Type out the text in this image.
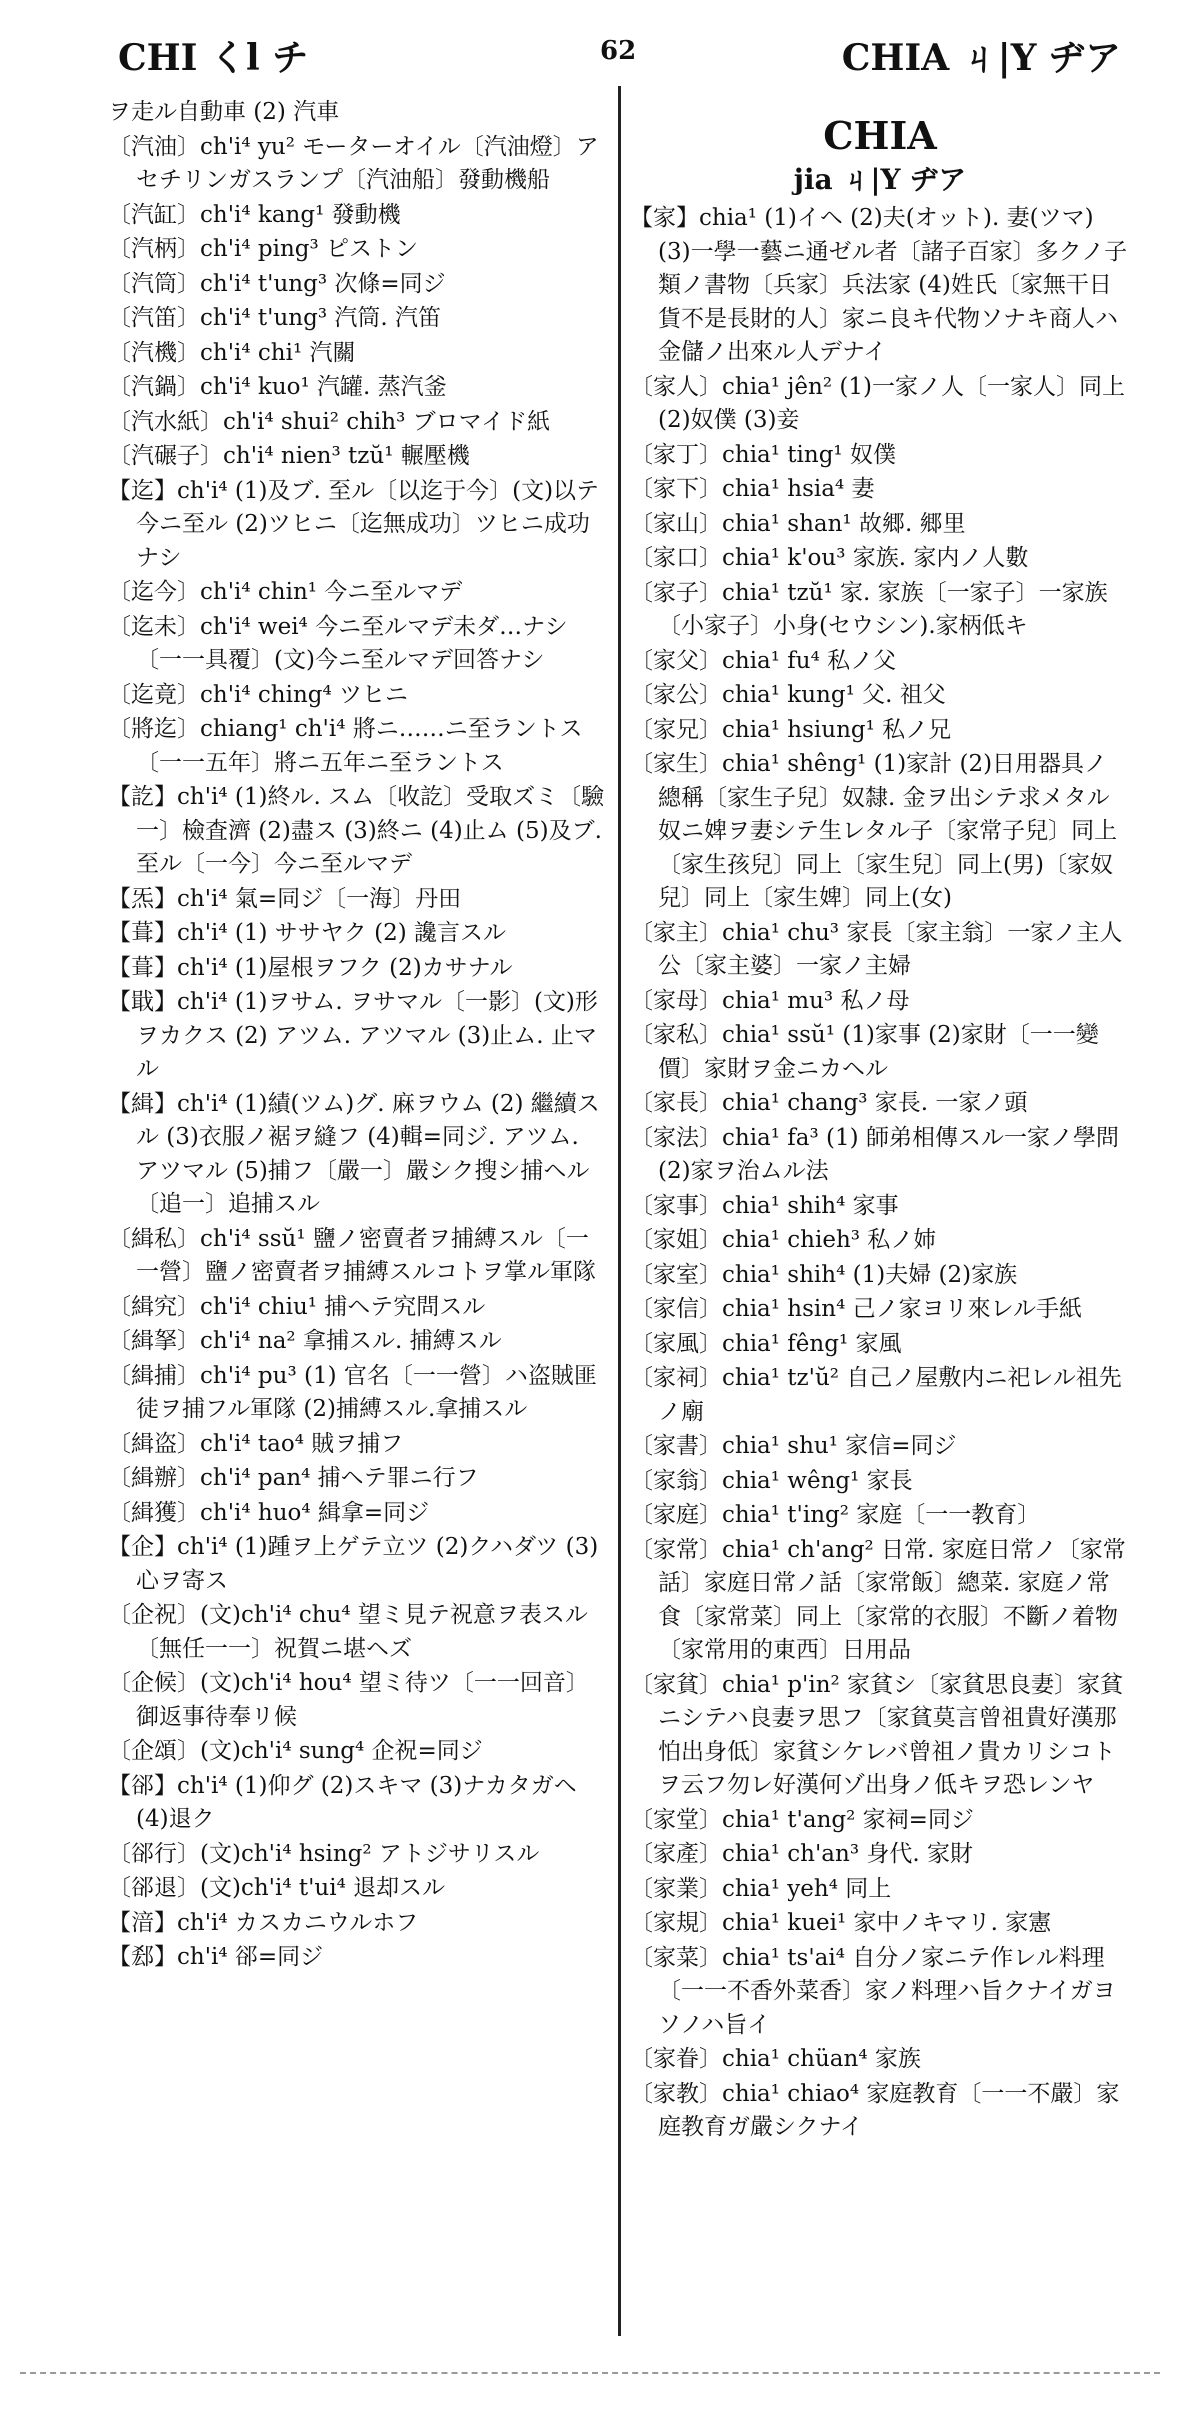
CHI くl チ	62	CHIA ㄐ|Y ヂア
ヲ走ル自動車 (2) 汽車
〔汽油〕ch'i⁴ yu² モーターオイル〔汽油燈〕アセチリンガスランプ〔汽油船〕發動機船
〔汽缸〕ch'i⁴ kang¹ 發動機
〔汽柄〕ch'i⁴ ping³ ピストン
〔汽筒〕ch'i⁴ t'ung³ 次條=同ジ
〔汽笛〕ch'i⁴ t'ung³ 汽筒. 汽笛
〔汽機〕ch'i⁴ chi¹ 汽關
〔汽鍋〕ch'i⁴ kuo¹ 汽罐. 蒸汽釜
〔汽水紙〕ch'i⁴ shui² chih³ ブロマイド紙
〔汽碾子〕ch'i⁴ nien³ tzŭ¹ 輾壓機
【迄】ch'i⁴ (1)及ブ. 至ル〔以迄于今〕(文)以テ今ニ至ル (2)ツヒニ〔迄無成功〕ツヒニ成功ナシ
〔迄今〕ch'i⁴ chin¹ 今ニ至ルマデ
〔迄未〕ch'i⁴ wei⁴ 今ニ至ルマデ未ダ…ナシ〔一一具覆〕(文)今ニ至ルマデ回答ナシ
〔迄竟〕ch'i⁴ ching⁴ ツヒニ
〔將迄〕chiang¹ ch'i⁴ 將ニ……ニ至ラントス〔一一五年〕將ニ五年ニ至ラントス
【訖】ch'i⁴ (1)終ル. スム〔收訖〕受取ズミ〔驗一〕檢査濟 (2)盡ス (3)終ニ (4)止ム (5)及ブ. 至ル〔一今〕今ニ至ルマデ
【炁】ch'i⁴ 氣=同ジ〔一海〕丹田
【葺】ch'i⁴ (1) ササヤク (2) 讒言スル
【葺】ch'i⁴ (1)屋根ヲフク (2)カサナル
【戢】ch'i⁴ (1)ヲサム. ヲサマル〔一影〕(文)形ヲカクス (2) アツム. アツマル (3)止ム. 止マル
【緝】ch'i⁴ (1)績(ツム)グ. 麻ヲウム (2) 繼續スル (3)衣服ノ裾ヲ縫フ (4)輯=同ジ. アツム. アツマル (5)捕フ〔嚴一〕嚴シク搜シ捕ヘル〔追一〕追捕スル
〔緝私〕ch'i⁴ ssŭ¹ 鹽ノ密賣者ヲ捕縛スル〔一一營〕鹽ノ密賣者ヲ捕縛スルコトヲ掌ル軍隊
〔緝究〕ch'i⁴ chiu¹ 捕ヘテ究問スル
〔緝拏〕ch'i⁴ na² 拿捕スル. 捕縛スル
〔緝捕〕ch'i⁴ pu³ (1) 官名〔一一營〕ハ盗賊匪徒ヲ捕フル軍隊 (2)捕縛スル.拿捕スル
〔緝盗〕ch'i⁴ tao⁴ 賊ヲ捕フ
〔緝辦〕ch'i⁴ pan⁴ 捕ヘテ罪ニ行フ
〔緝獲〕ch'i⁴ huo⁴ 緝拿=同ジ
【企】ch'i⁴ (1)踵ヲ上ゲテ立ツ (2)クハダツ (3)心ヲ寄ス
〔企祝〕(文)ch'i⁴ chu⁴ 望ミ見テ祝意ヲ表スル〔無任一一〕祝賀ニ堪ヘズ
〔企候〕(文)ch'i⁴ hou⁴ 望ミ待ツ〔一一回音〕御返事待奉リ候
〔企頌〕(文)ch'i⁴ sung⁴ 企祝=同ジ
【郤】ch'i⁴ (1)仰グ (2)スキマ (3)ナカタガヘ (4)退ク
〔郤行〕(文)ch'i⁴ hsing² アトジサリスル
〔郤退〕(文)ch'i⁴ t'ui⁴ 退却スル
【湆】ch'i⁴ カスカニウルホフ
【郄】ch'i⁴ 郤=同ジ
CHIA
jia ㄐ|Y ヂア
【家】chia¹ (1)イヘ (2)夫(オット). 妻(ツマ) (3)一學一藝ニ通ゼル者〔諸子百家〕多クノ子類ノ書物〔兵家〕兵法家 (4)姓氏〔家無干日貨不是長財的人〕家ニ良キ代物ソナキ商人ハ金儲ノ出來ル人デナイ
〔家人〕chia¹ jên² (1)一家ノ人〔一家人〕同上 (2)奴僕 (3)妾
〔家丁〕chia¹ ting¹ 奴僕
〔家下〕chia¹ hsia⁴ 妻
〔家山〕chia¹ shan¹ 故郷. 郷里
〔家口〕chia¹ k'ou³ 家族. 家内ノ人數
〔家子〕chia¹ tzŭ¹ 家. 家族〔一家子〕一家族〔小家子〕小身(セウシン).家柄低キ
〔家父〕chia¹ fu⁴ 私ノ父
〔家公〕chia¹ kung¹ 父. 祖父
〔家兄〕chia¹ hsiung¹ 私ノ兄
〔家生〕chia¹ shêng¹ (1)家計 (2)日用器具ノ總稱〔家生子兒〕奴隸. 金ヲ出シテ求メタル奴ニ婢ヲ妻シテ生レタル子〔家常子兒〕同上〔家生孩兒〕同上〔家生兒〕同上(男)〔家奴兒〕同上〔家生婢〕同上(女)
〔家主〕chia¹ chu³ 家長〔家主翁〕一家ノ主人公〔家主婆〕一家ノ主婦
〔家母〕chia¹ mu³ 私ノ母
〔家私〕chia¹ ssŭ¹ (1)家事 (2)家財〔一一變價〕家財ヲ金ニカヘル
〔家長〕chia¹ chang³ 家長. 一家ノ頭
〔家法〕chia¹ fa³ (1) 師弟相傳スル一家ノ學問 (2)家ヲ治ムル法
〔家事〕chia¹ shih⁴ 家事
〔家姐〕chia¹ chieh³ 私ノ姉
〔家室〕chia¹ shih⁴ (1)夫婦 (2)家族
〔家信〕chia¹ hsin⁴ 己ノ家ヨリ來レル手紙
〔家風〕chia¹ fêng¹ 家風
〔家祠〕chia¹ tz'ŭ² 自己ノ屋敷内ニ祀レル祖先ノ廟
〔家書〕chia¹ shu¹ 家信=同ジ
〔家翁〕chia¹ wêng¹ 家長
〔家庭〕chia¹ t'ing² 家庭〔一一教育〕
〔家常〕chia¹ ch'ang² 日常. 家庭日常ノ〔家常話〕家庭日常ノ話〔家常飯〕總菜. 家庭ノ常食〔家常菜〕同上〔家常的衣服〕不斷ノ着物〔家常用的東西〕日用品
〔家貧〕chia¹ p'in² 家貧シ〔家貧思良妻〕家貧ニシテハ良妻ヲ思フ〔家貧莫言曾祖貴好漢那怕出身低〕家貧シケレバ曾祖ノ貴カリシコトヲ云フ勿レ好漢何ゾ出身ノ低キヲ恐レンヤ
〔家堂〕chia¹ t'ang² 家祠=同ジ
〔家產〕chia¹ ch'an³ 身代. 家財
〔家業〕chia¹ yeh⁴ 同上
〔家規〕chia¹ kuei¹ 家中ノキマリ. 家憲
〔家菜〕chia¹ ts'ai⁴ 自分ノ家ニテ作レル料理〔一一不香外菜香〕家ノ料理ハ旨クナイガヨソノハ旨イ
〔家眷〕chia¹ chüan⁴ 家族
〔家教〕chia¹ chiao⁴ 家庭教育〔一一不嚴〕家庭教育ガ嚴シクナイ
